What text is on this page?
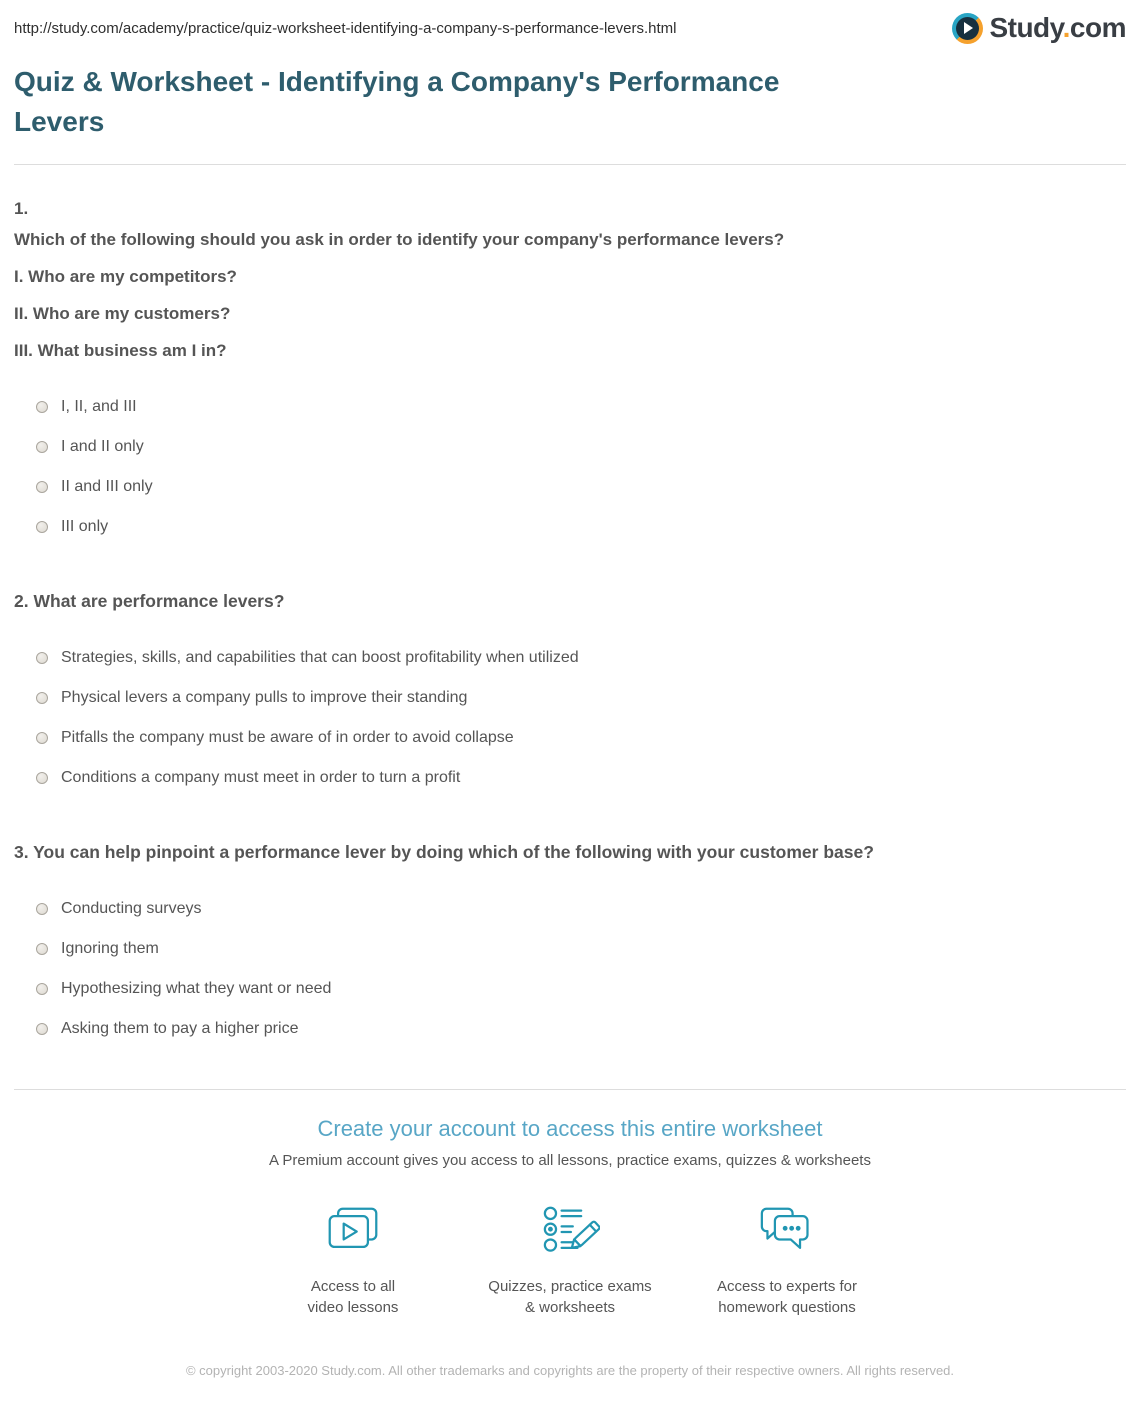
http://study.com/academy/practice/quiz-worksheet-identifying-a-company-s-performance-levers.html	Study.com
Quiz & Worksheet - Identifying a Company's Performance Levers
1.
Which of the following should you ask in order to identify your company's performance levers?
I. Who are my competitors?
II. Who are my customers?
III. What business am I in?
I, II, and III
I and II only
II and III only
III only
2. What are performance levers?
Strategies, skills, and capabilities that can boost profitability when utilized
Physical levers a company pulls to improve their standing
Pitfalls the company must be aware of in order to avoid collapse
Conditions a company must meet in order to turn a profit
3. You can help pinpoint a performance lever by doing which of the following with your customer base?
Conducting surveys
Ignoring them
Hypothesizing what they want or need
Asking them to pay a higher price
Create your account to access this entire worksheet
A Premium account gives you access to all lessons, practice exams, quizzes & worksheets
Access to all
video lessons
Quizzes, practice exams
& worksheets
Access to experts for
homework questions
© copyright 2003-2020 Study.com. All other trademarks and copyrights are the property of their respective owners. All rights reserved.
